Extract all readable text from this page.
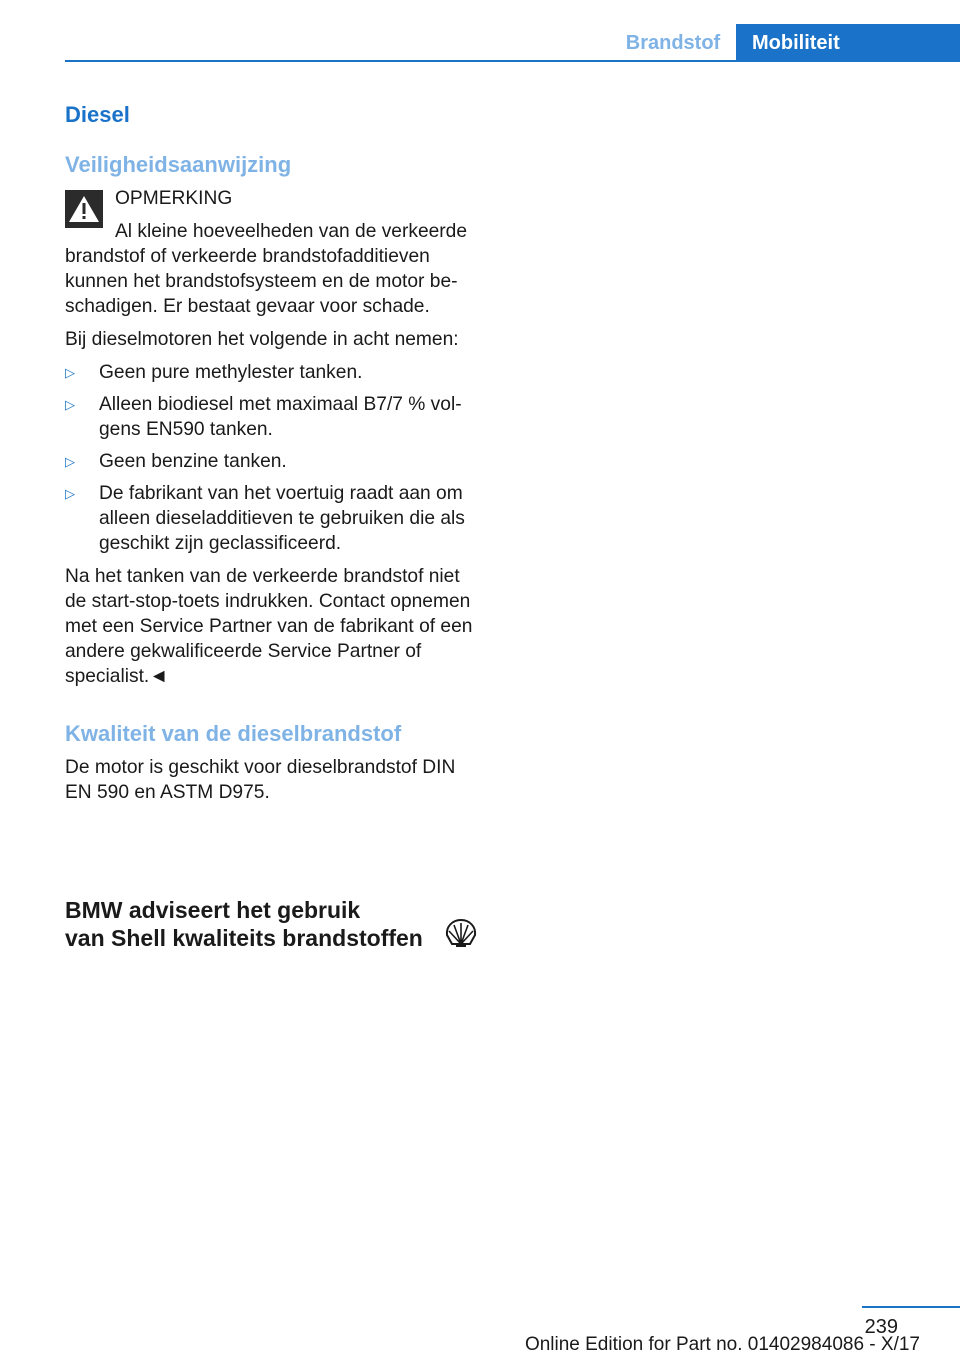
Brandstof	Mobiliteit
Diesel
Veiligheidsaanwijzing
OPMERKING

Al kleine hoeveelheden van de verkeerde brandstof of verkeerde brandstofadditieven kunnen het brandstofsysteem en de motor beschadigen. Er bestaat gevaar voor schade.

Bij dieselmotoren het volgende in acht nemen:

▷ Geen pure methylester tanken.
▷ Alleen biodiesel met maximaal B7/7 % volgens EN590 tanken.
▷ Geen benzine tanken.
▷ De fabrikant van het voertuig raadt aan om alleen dieseladditieven te gebruiken die als geschikt zijn geclassificeerd.

Na het tanken van de verkeerde brandstof niet de start-stop-toets indrukken. Contact opnemen met een Service Partner van de fabrikant of een andere gekwalificeerde Service Partner of specialist.◄

Kwaliteit van de dieselbrandstof

De motor is geschikt voor dieselbrandstof DIN EN 590 en ASTM D975.

BMW adviseert het gebruik
van Shell kwaliteits brandstoffen
239
Online Edition for Part no. 01402984086 - X/17
